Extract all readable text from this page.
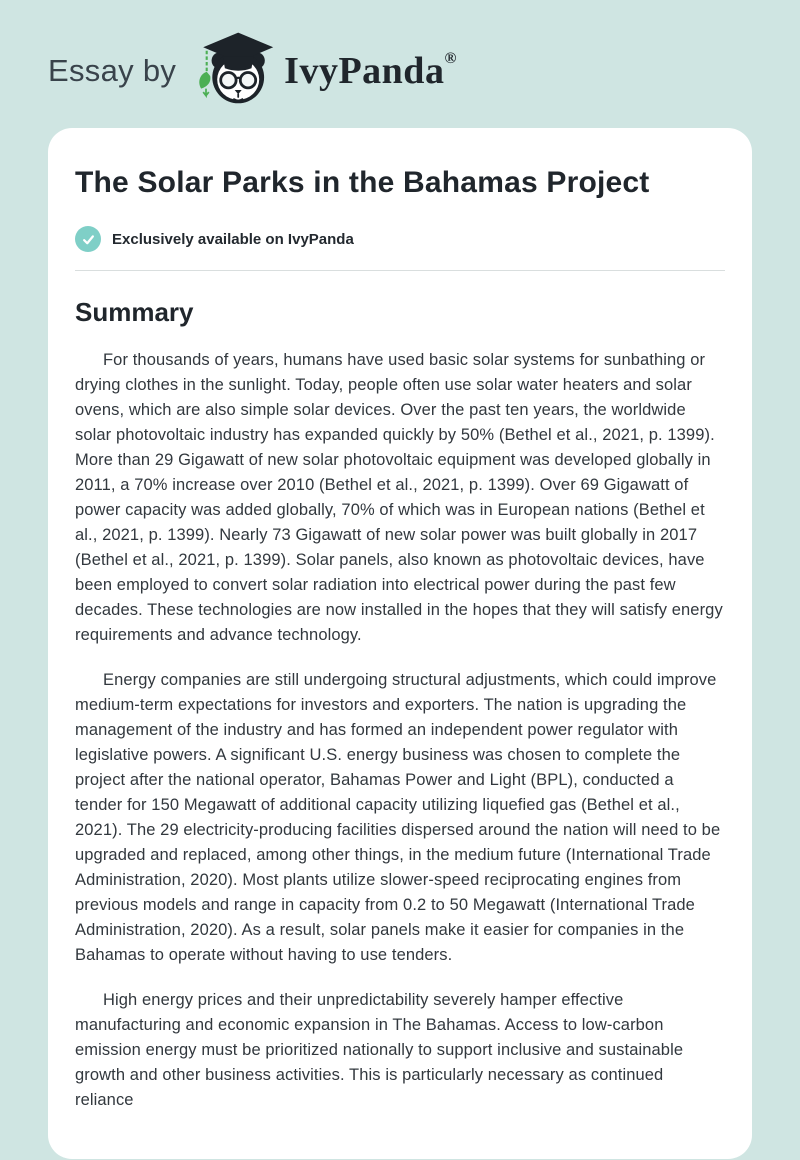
Essay by	IvyPanda ®
The Solar Parks in the Bahamas Project
Exclusively available on IvyPanda
Summary

For thousands of years, humans have used basic solar systems for sunbathing or drying clothes in the sunlight. Today, people often use solar water heaters and solar ovens, which are also simple solar devices. Over the past ten years, the worldwide solar photovoltaic industry has expanded quickly by 50% (Bethel et al., 2021, p. 1399). More than 29 Gigawatt of new solar photovoltaic equipment was developed globally in 2011, a 70% increase over 2010 (Bethel et al., 2021, p. 1399). Over 69 Gigawatt of power capacity was added globally, 70% of which was in European nations (Bethel et al., 2021, p. 1399). Nearly 73 Gigawatt of new solar power was built globally in 2017 (Bethel et al., 2021, p. 1399). Solar panels, also known as photovoltaic devices, have been employed to convert solar radiation into electrical power during the past few decades. These technologies are now installed in the hopes that they will satisfy energy requirements and advance technology.

Energy companies are still undergoing structural adjustments, which could improve medium-term expectations for investors and exporters. The nation is upgrading the management of the industry and has formed an independent power regulator with legislative powers. A significant U.S. energy business was chosen to complete the project after the national operator, Bahamas Power and Light (BPL), conducted a tender for 150 Megawatt of additional capacity utilizing liquefied gas (Bethel et al., 2021). The 29 electricity-producing facilities dispersed around the nation will need to be upgraded and replaced, among other things, in the medium future (International Trade Administration, 2020). Most plants utilize slower-speed reciprocating engines from previous models and range in capacity from 0.2 to 50 Megawatt (International Trade Administration, 2020). As a result, solar panels make it easier for companies in the Bahamas to operate without having to use tenders.

High energy prices and their unpredictability severely hamper effective manufacturing and economic expansion in The Bahamas. Access to low-carbon emission energy must be prioritized nationally to support inclusive and sustainable growth and other business activities. This is particularly necessary as continued reliance
